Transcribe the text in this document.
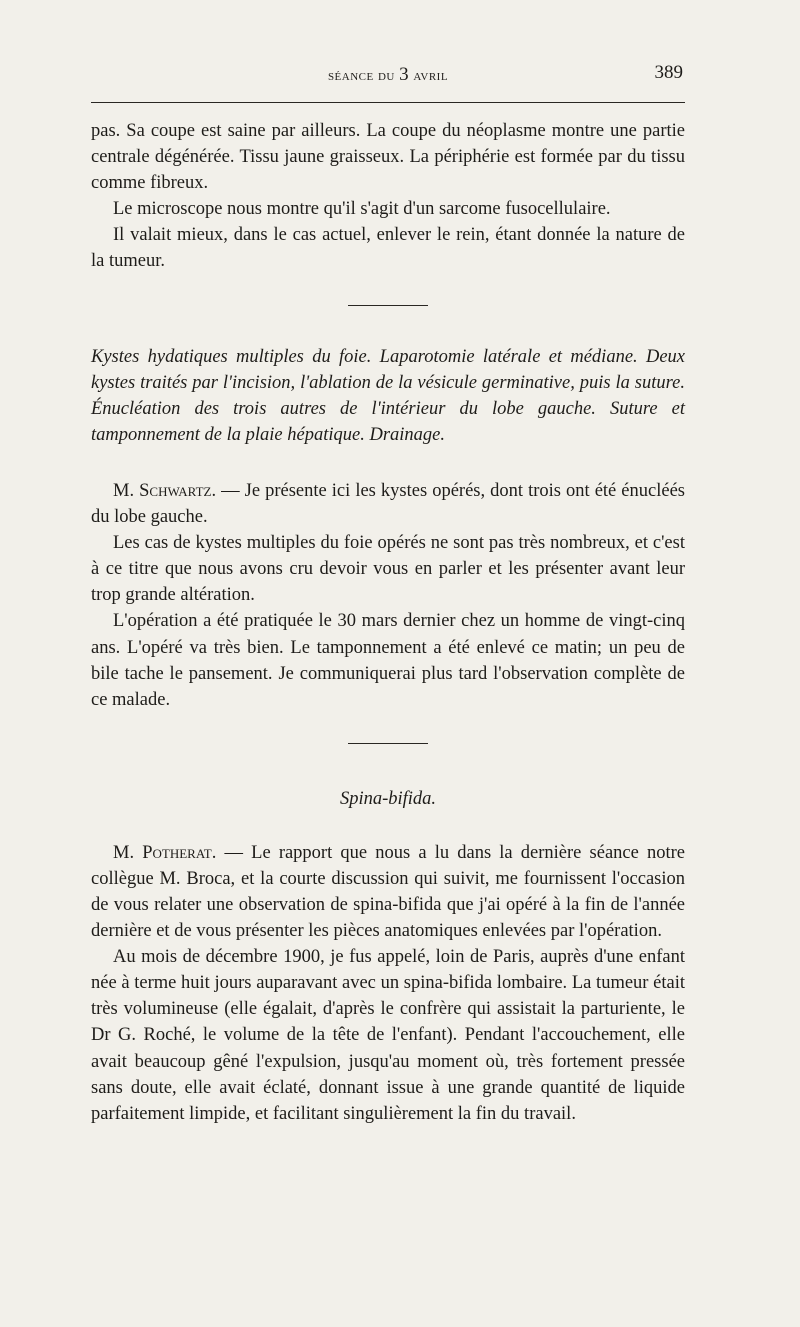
séance du 3 avril	389

pas. Sa coupe est saine par ailleurs. La coupe du néoplasme montre une partie centrale dégénérée. Tissu jaune graisseux. La périphérie est formée par du tissu comme fibreux.

Le microscope nous montre qu'il s'agit d'un sarcome fusocellulaire.

Il valait mieux, dans le cas actuel, enlever le rein, étant donnée la nature de la tumeur.

Kystes hydatiques multiples du foie. Laparotomie latérale et médiane. Deux kystes traités par l'incision, l'ablation de la vésicule germinative, puis la suture. Énucléation des trois autres de l'intérieur du lobe gauche. Suture et tamponnement de la plaie hépatique. Drainage.

M. Schwartz. — Je présente ici les kystes opérés, dont trois ont été énucléés du lobe gauche.

Les cas de kystes multiples du foie opérés ne sont pas très nombreux, et c'est à ce titre que nous avons cru devoir vous en parler et les présenter avant leur trop grande altération.

L'opération a été pratiquée le 30 mars dernier chez un homme de vingt-cinq ans. L'opéré va très bien. Le tamponnement a été enlevé ce matin; un peu de bile tache le pansement. Je communiquerai plus tard l'observation complète de ce malade.

Spina-bifida.

M. Potherat. — Le rapport que nous a lu dans la dernière séance notre collègue M. Broca, et la courte discussion qui suivit, me fournissent l'occasion de vous relater une observation de spina-bifida que j'ai opéré à la fin de l'année dernière et de vous présenter les pièces anatomiques enlevées par l'opération.

Au mois de décembre 1900, je fus appelé, loin de Paris, auprès d'une enfant née à terme huit jours auparavant avec un spina-bifida lombaire. La tumeur était très volumineuse (elle égalait, d'après le confrère qui assistait la parturiente, le Dr G. Roché, le volume de la tête de l'enfant). Pendant l'accouchement, elle avait beaucoup gêné l'expulsion, jusqu'au moment où, très fortement pressée sans doute, elle avait éclaté, donnant issue à une grande quantité de liquide parfaitement limpide, et facilitant singulièrement la fin du travail.
